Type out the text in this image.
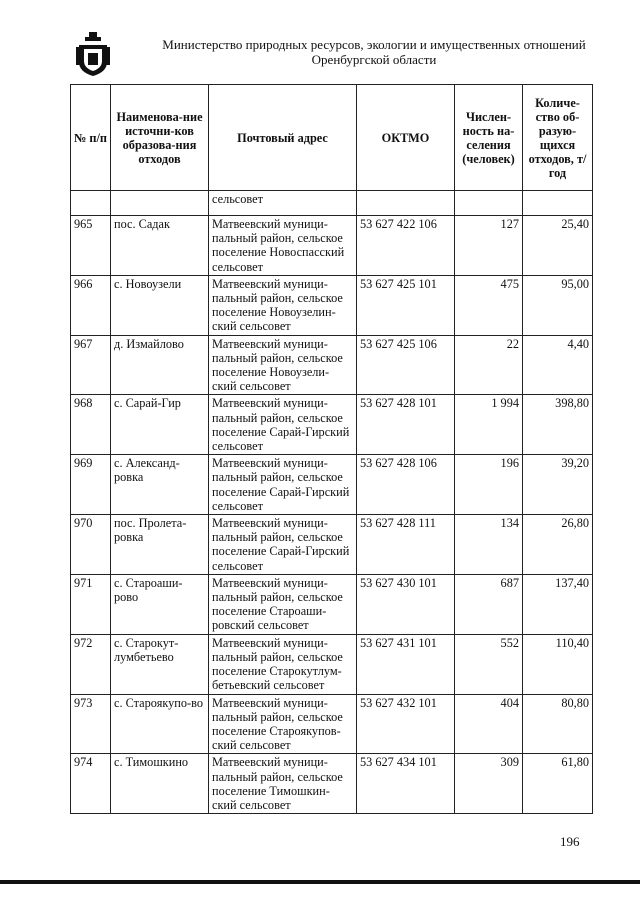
Министерство природных ресурсов, экологии и имущественных отношений
Оренбургской области
№ п/п	Наименова-ние источни-ков образова-ния отходов	Почтовый адрес	ОКТМО	Числен-ность на-селения (человек)	Количе-ство об-разую-щихся отходов, т/год
		сельсовет			
965	пос. Садак	Матвеевский муници-пальный район, сельское поселение Новоспасский сельсовет	53 627 422 106	127	25,40
966	с. Новоузели	Матвеевский муници-пальный район, сельское поселение Новоузелин-ский сельсовет	53 627 425 101	475	95,00
967	д. Измайлово	Матвеевский муници-пальный район, сельское поселение Новоузели-ский сельсовет	53 627 425 106	22	4,40
968	с. Сарай-Гир	Матвеевский муници-пальный район, сельское поселение Сарай-Гирский сельсовет	53 627 428 101	1 994	398,80
969	с. Александ-ровка	Матвеевский муници-пальный район, сельское поселение Сарай-Гирский сельсовет	53 627 428 106	196	39,20
970	пос. Пролета-ровка	Матвеевский муници-пальный район, сельское поселение Сарай-Гирский сельсовет	53 627 428 111	134	26,80
971	с. Староаши-рово	Матвеевский муници-пальный район, сельское поселение Староаши-ровский сельсовет	53 627 430 101	687	137,40
972	с. Старокут-лумбетьево	Матвеевский муници-пальный район, сельское поселение Старокутлум-бетьевский сельсовет	53 627 431 101	552	110,40
973	с. Староякупо-во	Матвеевский муници-пальный район, сельское поселение Староякупов-ский сельсовет	53 627 432 101	404	80,80
974	с. Тимошкино	Матвеевский муници-пальный район, сельское поселение Тимошкин-ский сельсовет	53 627 434 101	309	61,80
196
